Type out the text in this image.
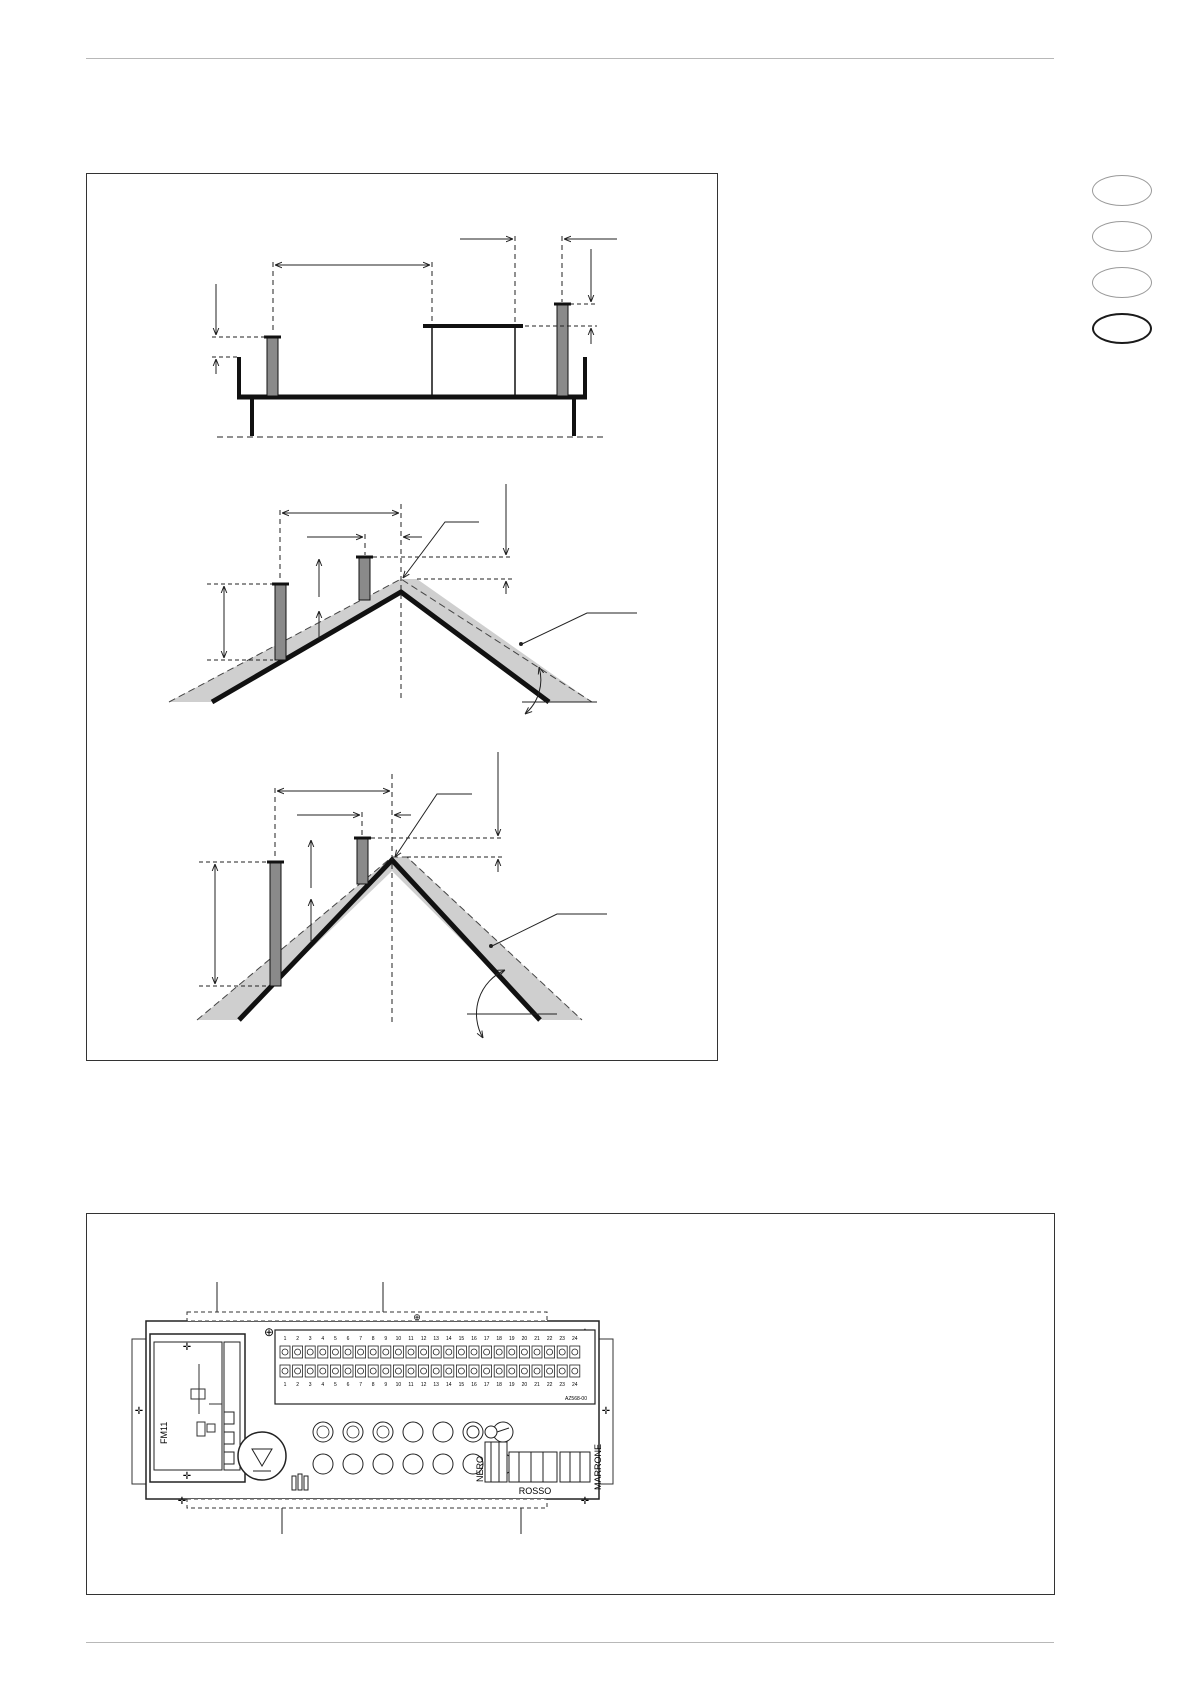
✛	✛
⊕
⊕
✛	✛
✛
✛
FM11
1
1
2
2
3
3
4
4
5
5
6
6
7
7
8
8
9
9
10
10
11
11
12
12
13
13
14
14
15
15
16
16
17
17
18
18
19
19
20
20
21
21
22
22
23
23
24
24
AZ568-00
NERO
ROSSO
MARRONE
